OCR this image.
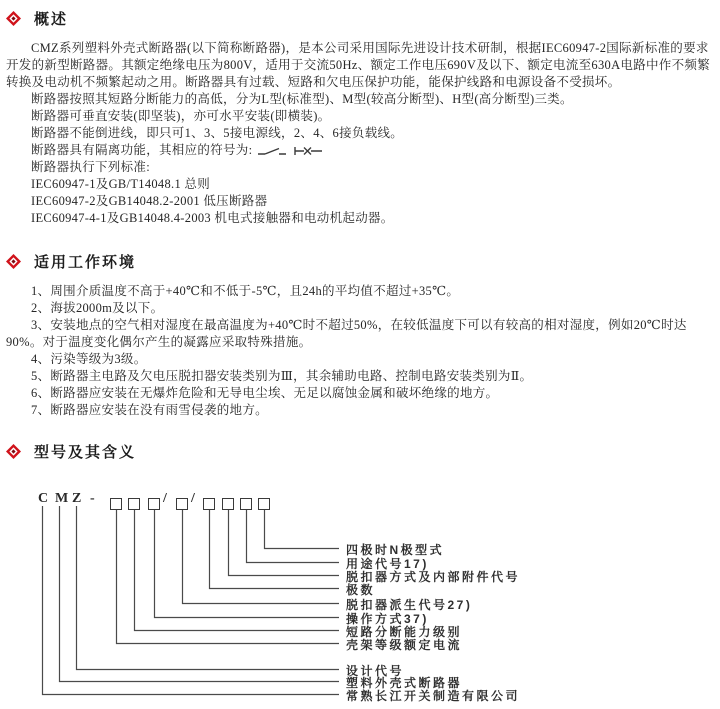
概述

CMZ系列塑料外壳式断路器(以下简称断路器)，是本公司采用国际先进设计技术研制，根据IEC60947-2国际新标准的要求开发的新型断路器。其额定绝缘电压为800V，适用于交流50Hz、额定工作电压690V及以下、额定电流至630A电路中作不频繁转换及电动机不频繁起动之用。断路器具有过载、短路和欠电压保护功能，能保护线路和电源设备不受损坏。

断路器按照其短路分断能力的高低，分为L型(标准型)、M型(较高分断型)、H型(高分断型)三类。

断路器可垂直安装(即坚装)，亦可水平安装(即横装)。

断路器不能倒进线，即只可1、3、5接电源线，2、4、6接负载线。

断路器具有隔离功能，其相应的符号为:

断路器执行下列标准:

IEC60947-1及GB/T14048.1 总则

IEC60947-2及GB14048.2-2001 低压断路器

IEC60947-4-1及GB14048.4-2003 机电式接触器和电动机起动器。

适用工作环境

1、周围介质温度不高于+40℃和不低于-5℃，且24h的平均值不超过+35℃。

2、海拔2000m及以下。

3、安装地点的空气相对湿度在最高温度为+40℃时不超过50%，在较低温度下可以有较高的相对湿度，例如20℃时达90%。对于温度变化偶尔产生的凝露应采取特殊措施。

4、污染等级为3级。

5、断路器主电路及欠电压脱扣器安装类别为Ⅲ，其余辅助电路、控制电路安装类别为Ⅱ。

6、断路器应安装在无爆炸危险和无导电尘埃、无足以腐蚀金属和破坏绝缘的地方。

7、断路器应安装在没有雨雪侵袭的地方。

型号及其含义
C M Z -	/ /
四极时N极型式
用途代号17)
脱扣器方式及内部附件代号
极数
脱扣器派生代号27)
操作方式37)
短路分断能力级别
壳架等级额定电流
设计代号
塑料外壳式断路器
常熟长江开关制造有限公司
